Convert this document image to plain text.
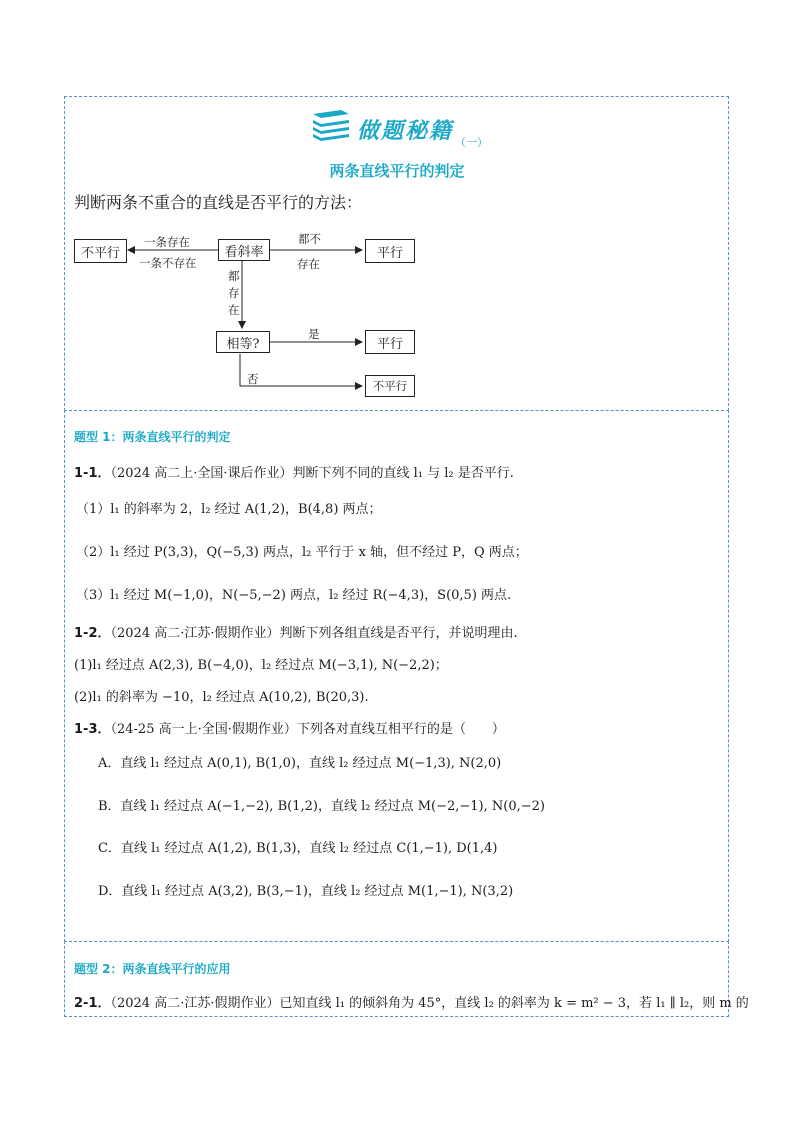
做题秘籍 （一）
两条直线平行的判定
判断两条不重合的直线是否平行的方法：
不平行	看斜率	平行
相等?	平行
不平行
一条存在
一条不存在
都不
存在
都
存
在
是
否
题型 1：两条直线平行的判定
1-1．（2024 高二上·全国·课后作业）判断下列不同的直线 l₁ 与 l₂ 是否平行.
（1）l₁ 的斜率为 2，l₂ 经过 A(1,2)，B(4,8) 两点；
（2）l₁ 经过 P(3,3)，Q(−5,3) 两点，l₂ 平行于 x 轴，但不经过 P，Q 两点；
（3）l₁ 经过 M(−1,0)，N(−5,−2) 两点，l₂ 经过 R(−4,3)，S(0,5) 两点.
1-2．（2024 高二·江苏·假期作业）判断下列各组直线是否平行，并说明理由.
(1)l₁ 经过点 A(2,3), B(−4,0)，l₂ 经过点 M(−3,1), N(−2,2)；
(2)l₁ 的斜率为 −10，l₂ 经过点 A(10,2), B(20,3).
1-3．（24-25 高一上·全国·假期作业）下列各对直线互相平行的是（　　）
A．直线 l₁ 经过点 A(0,1), B(1,0)，直线 l₂ 经过点 M(−1,3), N(2,0)
B．直线 l₁ 经过点 A(−1,−2), B(1,2)，直线 l₂ 经过点 M(−2,−1), N(0,−2)
C．直线 l₁ 经过点 A(1,2), B(1,3)，直线 l₂ 经过点 C(1,−1), D(1,4)
D．直线 l₁ 经过点 A(3,2), B(3,−1)，直线 l₂ 经过点 M(1,−1), N(3,2)
题型 2：两条直线平行的应用
2-1．（2024 高二·江苏·假期作业）已知直线 l₁ 的倾斜角为 45°，直线 l₂ 的斜率为 k = m² − 3，若 l₁ ∥ l₂，则 m 的
